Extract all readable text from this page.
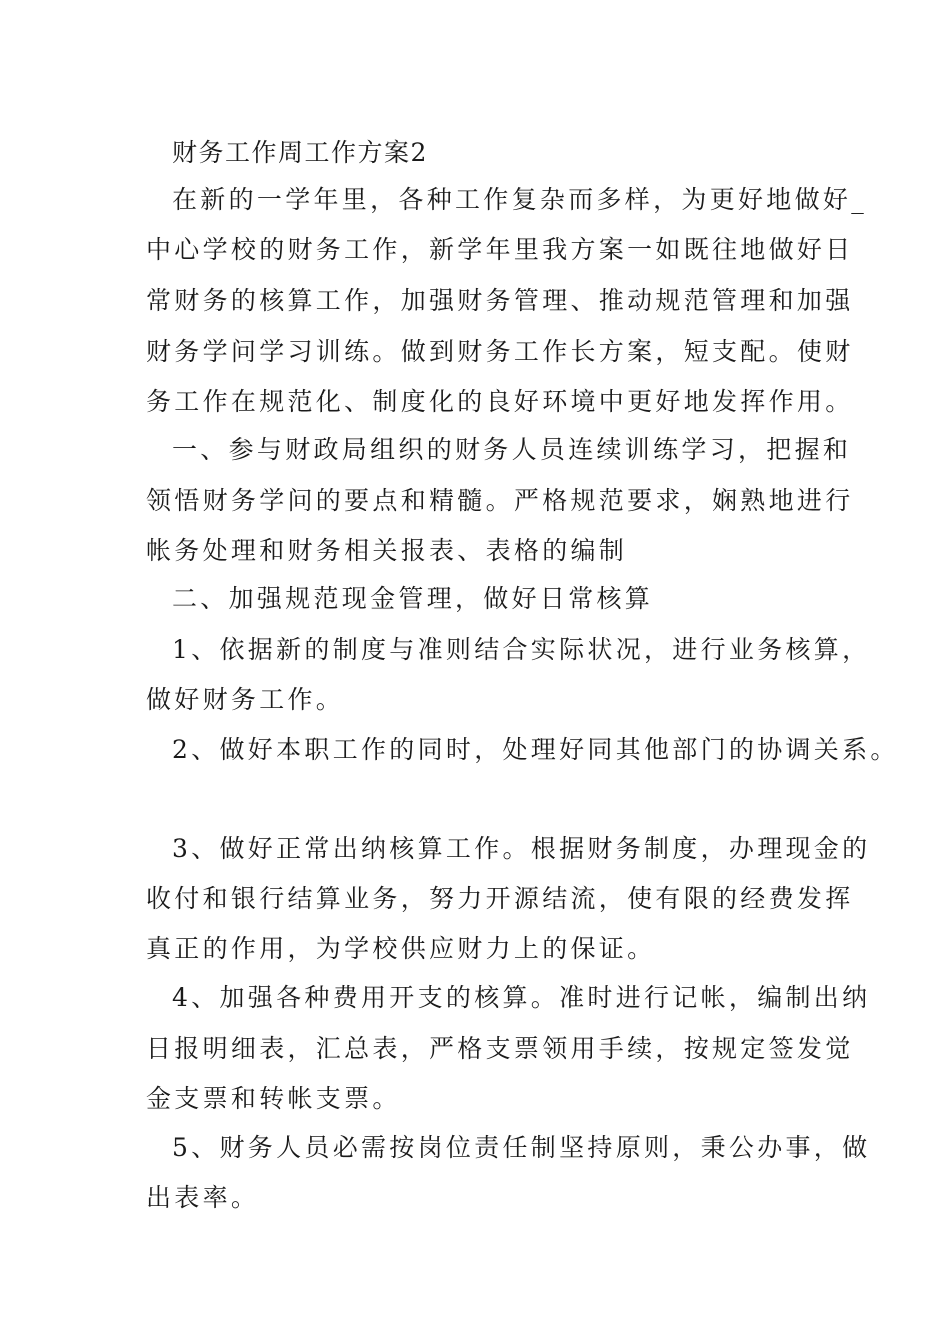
财务工作周工作方案2

在新的一学年里，各种工作复杂而多样，为更好地做好_

中心学校的财务工作，新学年里我方案一如既往地做好日

常财务的核算工作，加强财务管理、推动规范管理和加强

财务学问学习训练。做到财务工作长方案，短支配。使财

务工作在规范化、制度化的良好环境中更好地发挥作用。

一、参与财政局组织的财务人员连续训练学习，把握和

领悟财务学问的要点和精髓。严格规范要求，娴熟地进行

帐务处理和财务相关报表、表格的编制

二、加强规范现金管理，做好日常核算

1、依据新的制度与准则结合实际状况，进行业务核算，

做好财务工作。

2、做好本职工作的同时，处理好同其他部门的协调关系。

3、做好正常出纳核算工作。根据财务制度，办理现金的

收付和银行结算业务，努力开源结流，使有限的经费发挥

真正的作用，为学校供应财力上的保证。

4、加强各种费用开支的核算。准时进行记帐，编制出纳

日报明细表，汇总表，严格支票领用手续，按规定签发觉

金支票和转帐支票。

5、财务人员必需按岗位责任制坚持原则，秉公办事，做

出表率。
